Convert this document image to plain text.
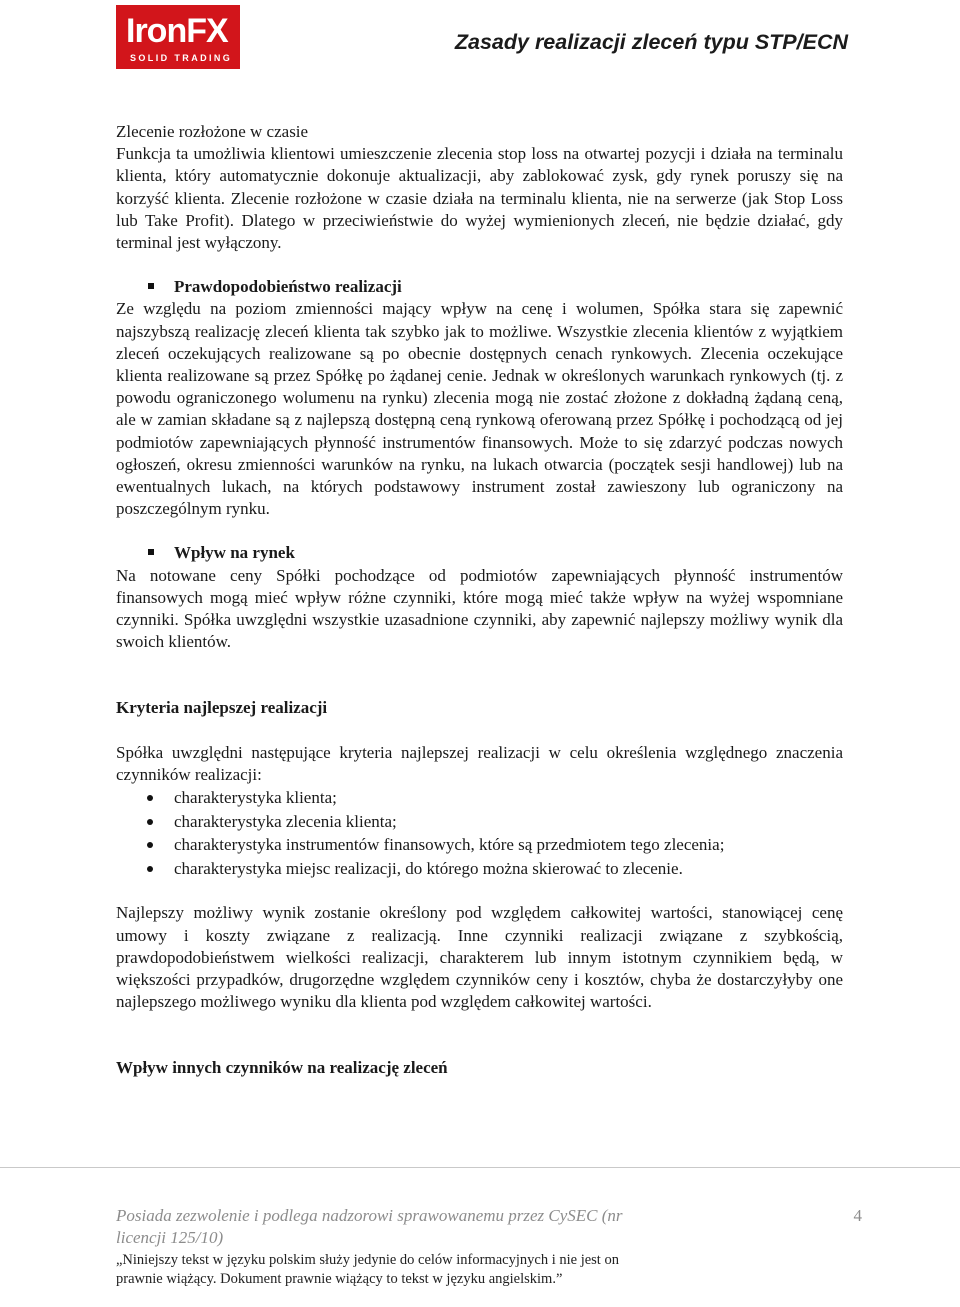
IronFX
SOLID TRADING
Zasady realizacji zleceń typu STP/ECN

Zlecenie rozłożone w czasie

Funkcja ta umożliwia klientowi umieszczenie zlecenia stop loss na otwartej pozycji i działa na terminalu klienta, który automatycznie dokonuje aktualizacji, aby zablokować zysk, gdy rynek poruszy się na korzyść klienta. Zlecenie rozłożone w czasie działa na terminalu klienta, nie na serwerze (jak Stop Loss lub Take Profit). Dlatego w przeciwieństwie do wyżej wymienionych zleceń, nie będzie działać, gdy terminal jest wyłączony.

Prawdopodobieństwo realizacji

Ze względu na poziom zmienności mający wpływ na cenę i wolumen, Spółka stara się zapewnić najszybszą realizację zleceń klienta tak szybko jak to możliwe. Wszystkie zlecenia klientów z wyjątkiem zleceń oczekujących realizowane są po obecnie dostępnych cenach rynkowych. Zlecenia oczekujące klienta realizowane są przez Spółkę po żądanej cenie. Jednak w określonych warunkach rynkowych (tj. z powodu ograniczonego wolumenu na rynku) zlecenia mogą nie zostać złożone z dokładną żądaną ceną, ale w zamian składane są z najlepszą dostępną ceną rynkową oferowaną przez Spółkę i pochodzącą od jej podmiotów zapewniających płynność instrumentów finansowych. Może to się zdarzyć podczas nowych ogłoszeń, okresu zmienności warunków na rynku, na lukach otwarcia (początek sesji handlowej) lub na ewentualnych lukach, na których podstawowy instrument został zawieszony lub ograniczony na poszczególnym rynku.

Wpływ na rynek

Na notowane ceny Spółki pochodzące od podmiotów zapewniających płynność instrumentów finansowych mogą mieć wpływ różne czynniki, które mogą mieć także wpływ na wyżej wspomniane czynniki. Spółka uwzględni wszystkie uzasadnione czynniki, aby zapewnić najlepszy możliwy wynik dla swoich klientów.

Kryteria najlepszej realizacji

Spółka uwzględni następujące kryteria najlepszej realizacji w celu określenia względnego znaczenia czynników realizacji:

charakterystyka klienta;
charakterystyka zlecenia klienta;
charakterystyka instrumentów finansowych, które są przedmiotem tego zlecenia;
charakterystyka miejsc realizacji, do którego można skierować to zlecenie.

Najlepszy możliwy wynik zostanie określony pod względem całkowitej wartości, stanowiącej cenę umowy i koszty związane z realizacją. Inne czynniki realizacji związane z szybkością, prawdopodobieństwem wielkości realizacji, charakterem lub innym istotnym czynnikiem będą, w większości przypadków, drugorzędne względem czynników ceny i kosztów, chyba że dostarczyłyby one najlepszego możliwego wyniku dla klienta pod względem całkowitej wartości.

Wpływ innych czynników na realizację zleceń

Posiada zezwolenie i podlega nadzorowi sprawowanemu przez CySEC (nr licencji 125/10)
„Niniejszy tekst w języku polskim służy jedynie do celów informacyjnych i nie jest on prawnie wiążący. Dokument prawnie wiążący to tekst w języku angielskim.”
4
